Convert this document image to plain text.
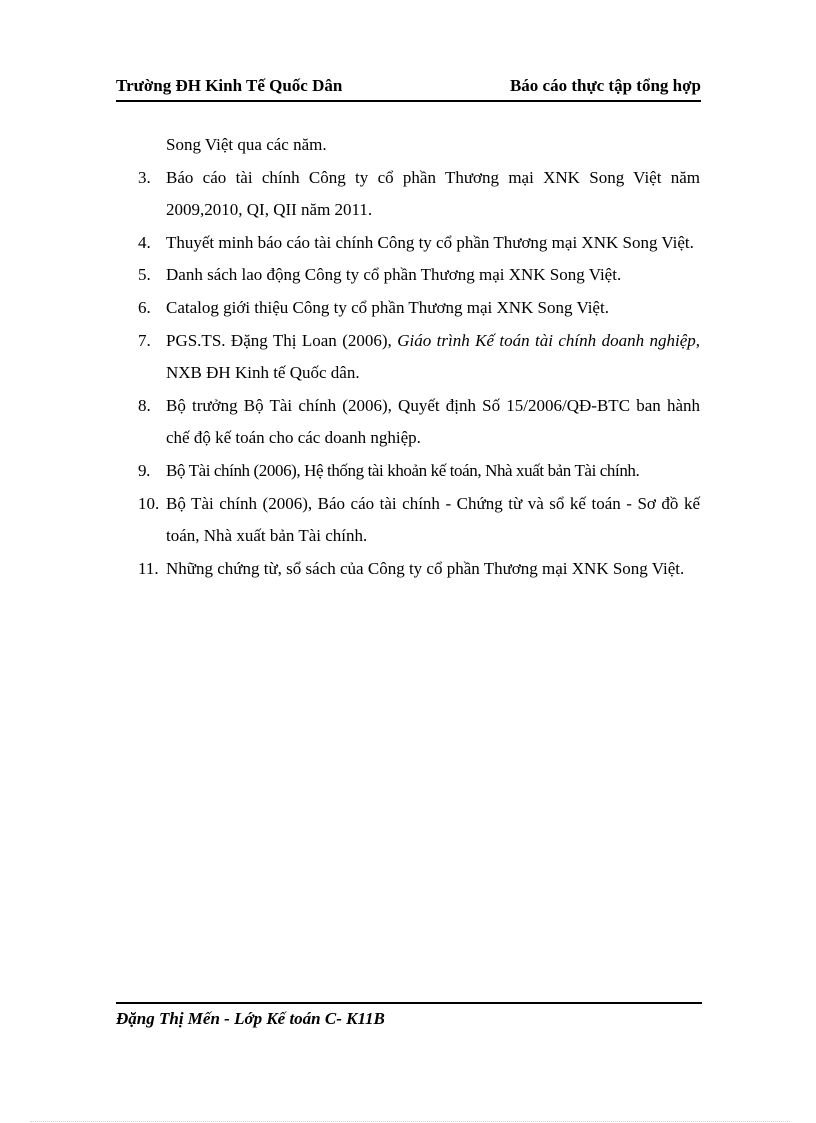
Trường ĐH Kinh Tế Quốc Dân	Báo cáo thực tập tổng hợp
Song Việt qua các năm.
3. Báo cáo tài chính Công ty cổ phần Thương mại XNK Song Việt năm 2009,2010, QI, QII năm 2011.
4. Thuyết minh báo cáo tài chính Công ty cổ phần Thương mại XNK Song Việt.
5. Danh sách lao động Công ty cổ phần Thương mại XNK Song Việt.
6. Catalog giới thiệu Công ty cổ phần Thương mại XNK Song Việt.
7. PGS.TS. Đặng Thị Loan (2006), Giáo trình Kế toán tài chính doanh nghiệp, NXB ĐH Kinh tế Quốc dân.
8. Bộ trưởng Bộ Tài chính (2006), Quyết định Số 15/2006/QĐ-BTC ban hành chế độ kế toán cho các doanh nghiệp.
9. Bộ Tài chính (2006), Hệ thống tài khoản kế toán, Nhà xuất bản Tài chính.
10. Bộ Tài chính (2006), Báo cáo tài chính - Chứng từ và sổ kế toán - Sơ đồ kế toán, Nhà xuất bản Tài chính.
11. Những chứng từ, sổ sách của Công ty cổ phần Thương mại XNK Song Việt.
Đặng Thị Mến - Lớp Kế toán C- K11B
